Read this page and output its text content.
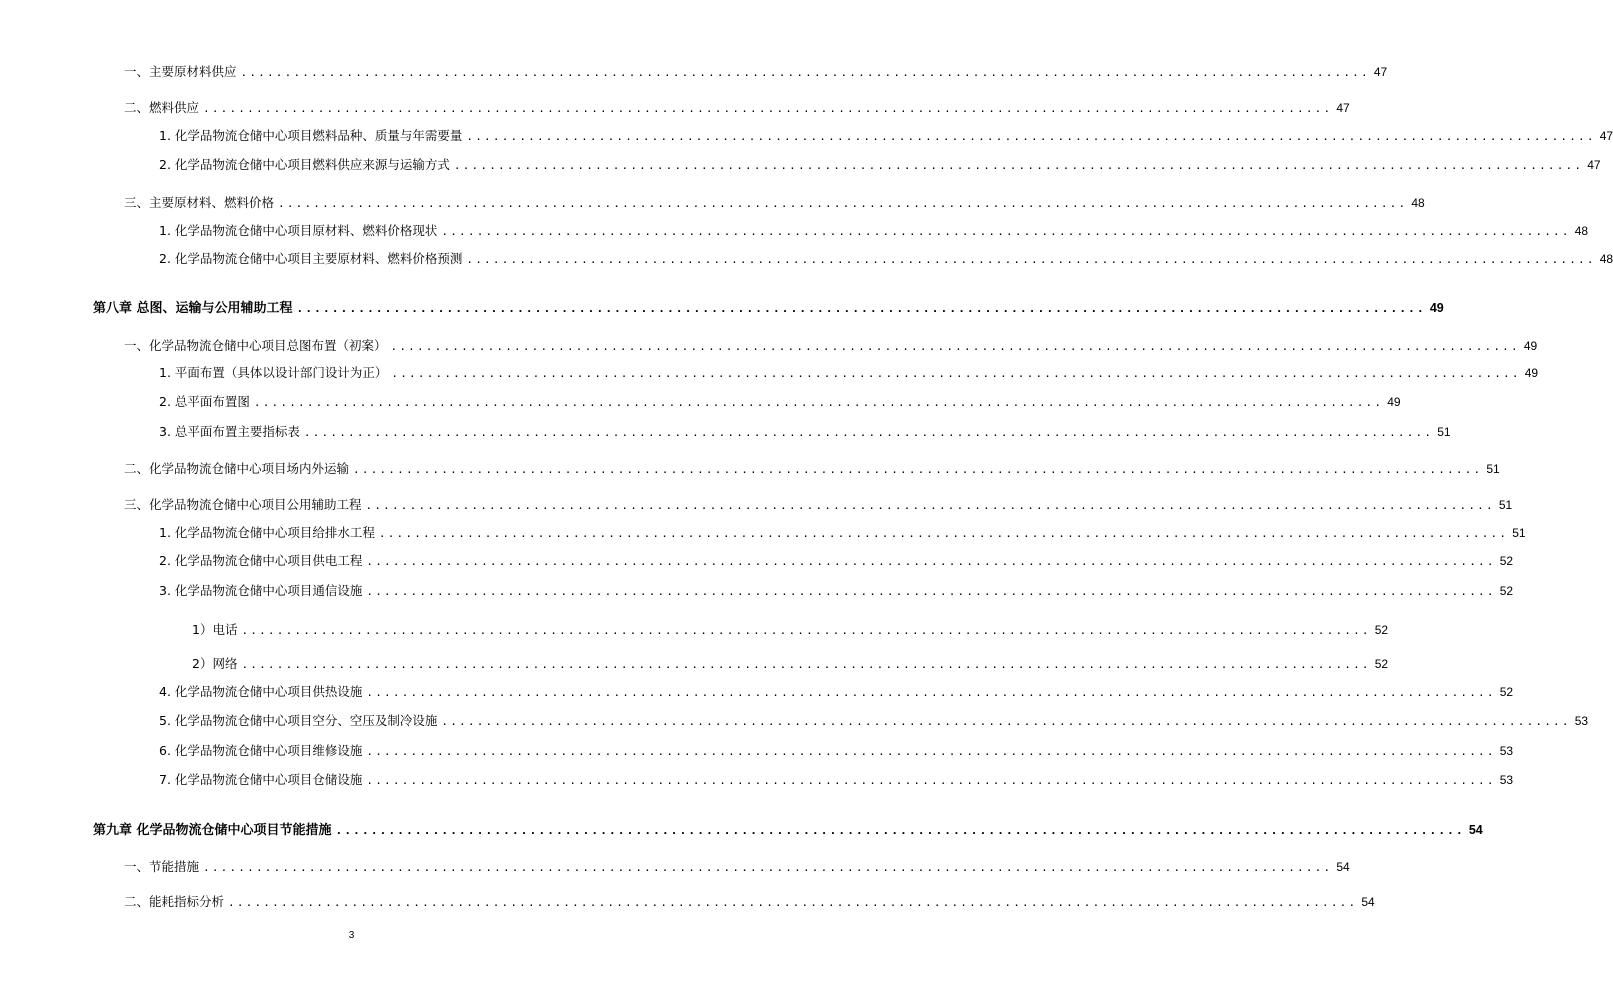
一、主要原材料供应 ................................................................................................................................ 47
二、燃料供应 ................................................................................................................................ 47
1. 化学品物流仓储中心项目燃料品种、质量与年需要量 ................................................................................................................................ 47
2. 化学品物流仓储中心项目燃料供应来源与运输方式 ................................................................................................................................ 47
三、主要原材料、燃料价格 ................................................................................................................................ 48
1. 化学品物流仓储中心项目原材料、燃料价格现状 ................................................................................................................................ 48
2. 化学品物流仓储中心项目主要原材料、燃料价格预测 ................................................................................................................................ 48
第八章 总图、运输与公用辅助工程 ................................................................................................................................ 49
一、化学品物流仓储中心项目总图布置（初案） ................................................................................................................................ 49
1. 平面布置（具体以设计部门设计为正） ................................................................................................................................ 49
2. 总平面布置图 ................................................................................................................................ 49
3. 总平面布置主要指标表 ................................................................................................................................ 51
二、化学品物流仓储中心项目场内外运输 ................................................................................................................................ 51
三、化学品物流仓储中心项目公用辅助工程 ................................................................................................................................ 51
1. 化学品物流仓储中心项目给排水工程 ................................................................................................................................ 51
2. 化学品物流仓储中心项目供电工程 ................................................................................................................................ 52
3. 化学品物流仓储中心项目通信设施 ................................................................................................................................ 52
1）电话 ................................................................................................................................ 52
2）网络 ................................................................................................................................ 52
4. 化学品物流仓储中心项目供热设施 ................................................................................................................................ 52
5. 化学品物流仓储中心项目空分、空压及制冷设施 ................................................................................................................................ 53
6. 化学品物流仓储中心项目维修设施 ................................................................................................................................ 53
7. 化学品物流仓储中心项目仓储设施 ................................................................................................................................ 53
第九章 化学品物流仓储中心项目节能措施 ................................................................................................................................ 54
一、节能措施 ................................................................................................................................ 54
二、能耗指标分析 ................................................................................................................................ 54
3
